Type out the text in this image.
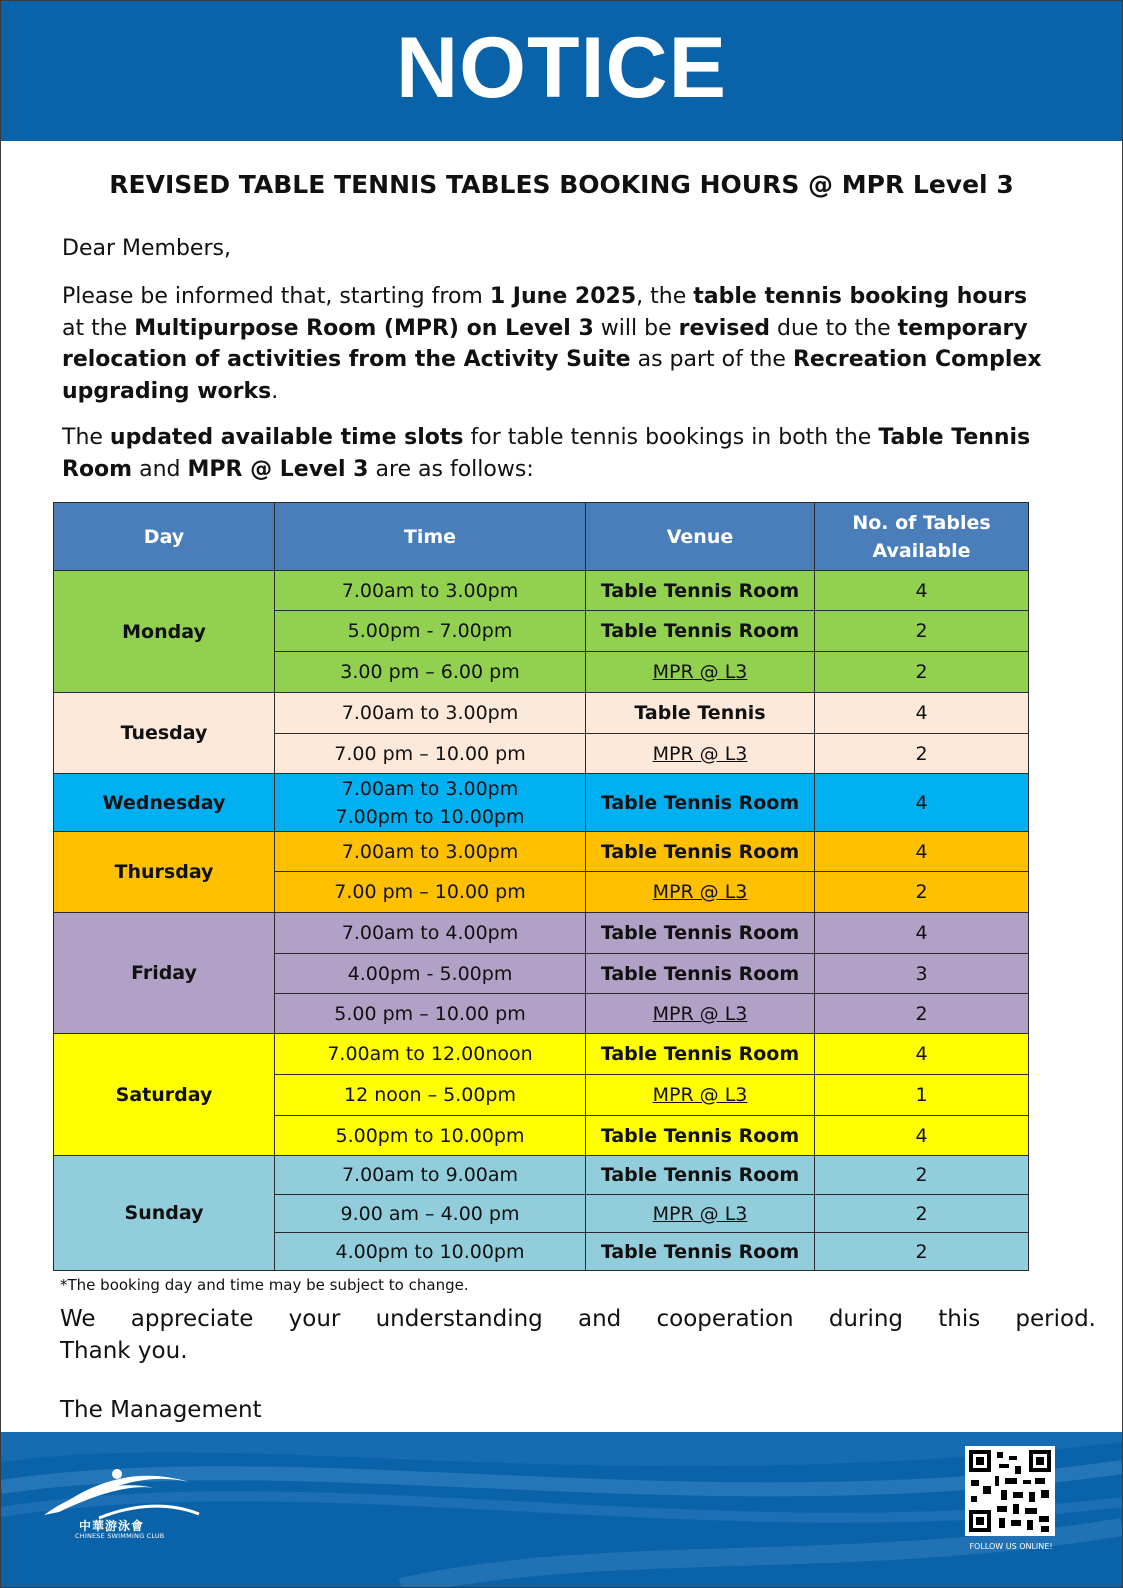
NOTICE
REVISED TABLE TENNIS TABLES BOOKING HOURS @ MPR Level 3
Dear Members,
Please be informed that, starting from 1 June 2025, the table tennis booking hours at the Multipurpose Room (MPR) on Level 3 will be revised due to the temporary relocation of activities from the Activity Suite as part of the Recreation Complex upgrading works.
The updated available time slots for table tennis bookings in both the Table Tennis Room and MPR @ Level 3 are as follows:
Day	Time	Venue	No. of Tables
Available
Monday	7.00am to 3.00pm	Table Tennis Room	4
	5.00pm - 7.00pm	Table Tennis Room	2
	3.00 pm – 6.00 pm	MPR @ L3	2
Tuesday	7.00am to 3.00pm	Table Tennis	4
	7.00 pm – 10.00 pm	MPR @ L3	2
Wednesday	7.00am to 3.00pm
7.00pm to 10.00pm	Table Tennis Room	4
Thursday	7.00am to 3.00pm	Table Tennis Room	4
	7.00 pm – 10.00 pm	MPR @ L3	2
Friday	7.00am to 4.00pm	Table Tennis Room	4
	4.00pm - 5.00pm	Table Tennis Room	3
	5.00 pm – 10.00 pm	MPR @ L3	2
Saturday	7.00am to 12.00noon	Table Tennis Room	4
	12 noon – 5.00pm	MPR @ L3	1
	5.00pm to 10.00pm	Table Tennis Room	4
Sunday	7.00am to 9.00am	Table Tennis Room	2
	9.00 am – 4.00 pm	MPR @ L3	2
	4.00pm to 10.00pm	Table Tennis Room	2
*The booking day and time may be subject to change.
We appreciate your understanding and cooperation during this period.
Thank you.
The Management
中華游泳會
CHINESE SWIMMING CLUB
FOLLOW US ONLINE!
